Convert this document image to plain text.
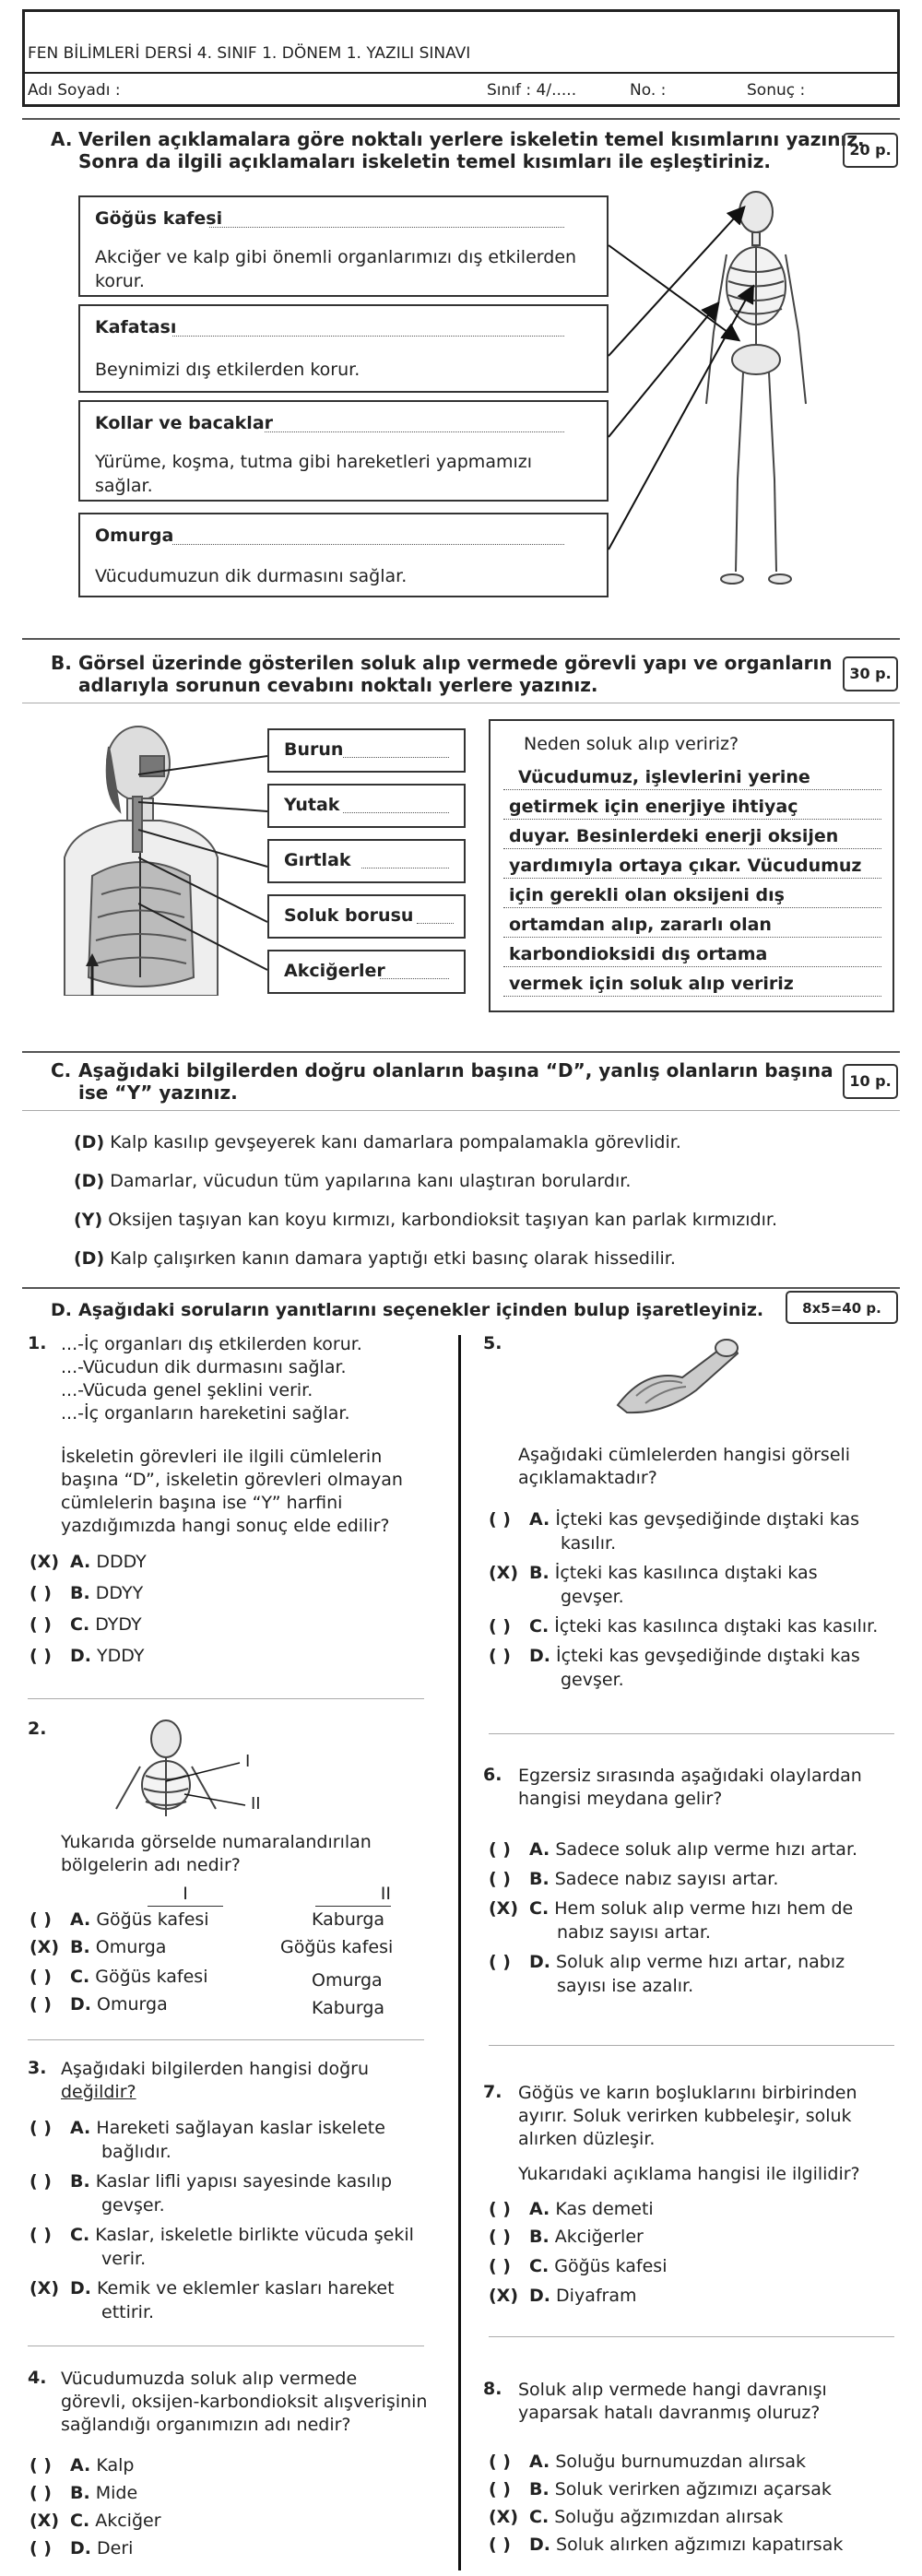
FEN BİLİMLERİ DERSİ 4. SINIF 1. DÖNEM 1. YAZILI SINAVI
Adı Soyadı :	Sınıf : 4/.....	No. :	Sonuç :
A. Verilen açıklamalara göre noktalı yerlere iskeletin temel kısımlarını yazınız.
Sonra da ilgili açıklamaları iskeletin temel kısımları ile eşleştiriniz.
20 p.
Göğüs kafesi
Akciğer ve kalp gibi önemli organlarımızı dış etkilerden
korur.
Kafatası
Beynimizi dış etkilerden korur.
Kollar ve bacaklar
Yürüme, koşma, tutma gibi hareketleri yapmamızı
sağlar.
Omurga
Vücudumuzun dik durmasını sağlar.
B. Görsel üzerinde gösterilen soluk alıp vermede görevli yapı ve organların
adlarıyla sorunun cevabını noktalı yerlere yazınız.
30 p.
Burun
Yutak
Gırtlak
Soluk borusu
Akciğerler
Neden soluk alıp veririz?
Vücudumuz, işlevlerini yerine
getirmek için enerjiye ihtiyaç
duyar. Besinlerdeki enerji oksijen
yardımıyla ortaya çıkar. Vücudumuz
için gerekli olan oksijeni dış
ortamdan alıp, zararlı olan
karbondioksidi dış ortama
vermek için soluk alıp veririz
C. Aşağıdaki bilgilerden doğru olanların başına “D”, yanlış olanların başına
ise “Y” yazınız.
10 p.
(D) Kalp kasılıp gevşeyerek kanı damarlara pompalamakla görevlidir.
(D) Damarlar, vücudun tüm yapılarına kanı ulaştıran borulardır.
(Y) Oksijen taşıyan kan koyu kırmızı, karbondioksit taşıyan kan parlak kırmızıdır.
(D) Kalp çalışırken kanın damara yaptığı etki basınç olarak hissedilir.
D. Aşağıdaki soruların yanıtlarını seçenekler içinden bulup işaretleyiniz.	8x5=40 p.
1. ...-İç organları dış etkilerden korur.
...-Vücudun dik durmasını sağlar.
...-Vücuda genel şeklini verir.
...-İç organların hareketini sağlar.
İskeletin görevleri ile ilgili cümlelerin
başına “D”, iskeletin görevleri olmayan
cümlelerin başına ise “Y” harfini
yazdığımızda hangi sonuç elde edilir?
(X) A. DDDY
( ) B. DDYY
( ) C. DYDY
( ) D. YDDY
2.
I
II
Yukarıda görselde numaralandırılan
bölgelerin adı nedir?
I	II
( ) A. Göğüs kafesi	Kaburga
(X) B. Omurga	Göğüs kafesi
( ) C. Göğüs kafesi	Omurga
( ) D. Omurga	Kaburga
3. Aşağıdaki bilgilerden hangisi doğru
değildir?
( ) A. Hareketi sağlayan kaslar iskelete
bağlıdır.
( ) B. Kaslar lifli yapısı sayesinde kasılıp
gevşer.
( ) C. Kaslar, iskeletle birlikte vücuda şekil
verir.
(X) D. Kemik ve eklemler kasları hareket
ettirir.
4. Vücudumuzda soluk alıp vermede
görevli, oksijen-karbondioksit alışverişinin
sağlandığı organımızın adı nedir?
( ) A. Kalp
( ) B. Mide
(X) C. Akciğer
( ) D. Deri
5.
Aşağıdaki cümlelerden hangisi görseli
açıklamaktadır?
( ) A. İçteki kas gevşediğinde dıştaki kas
kasılır.
(X) B. İçteki kas kasılınca dıştaki kas
gevşer.
( ) C. İçteki kas kasılınca dıştaki kas kasılır.
( ) D. İçteki kas gevşediğinde dıştaki kas
gevşer.
6. Egzersiz sırasında aşağıdaki olaylardan
hangisi meydana gelir?
( ) A. Sadece soluk alıp verme hızı artar.
( ) B. Sadece nabız sayısı artar.
(X) C. Hem soluk alıp verme hızı hem de
nabız sayısı artar.
( ) D. Soluk alıp verme hızı artar, nabız
sayısı ise azalır.
7. Göğüs ve karın boşluklarını birbirinden
ayırır. Soluk verirken kubbeleşir, soluk
alırken düzleşir.
Yukarıdaki açıklama hangisi ile ilgilidir?
( ) A. Kas demeti
( ) B. Akciğerler
( ) C. Göğüs kafesi
(X) D. Diyafram
8. Soluk alıp vermede hangi davranışı
yaparsak hatalı davranmış oluruz?
( ) A. Soluğu burnumuzdan alırsak
( ) B. Soluk verirken ağzımızı açarsak
(X) C. Soluğu ağzımızdan alırsak
( ) D. Soluk alırken ağzımızı kapatırsak
